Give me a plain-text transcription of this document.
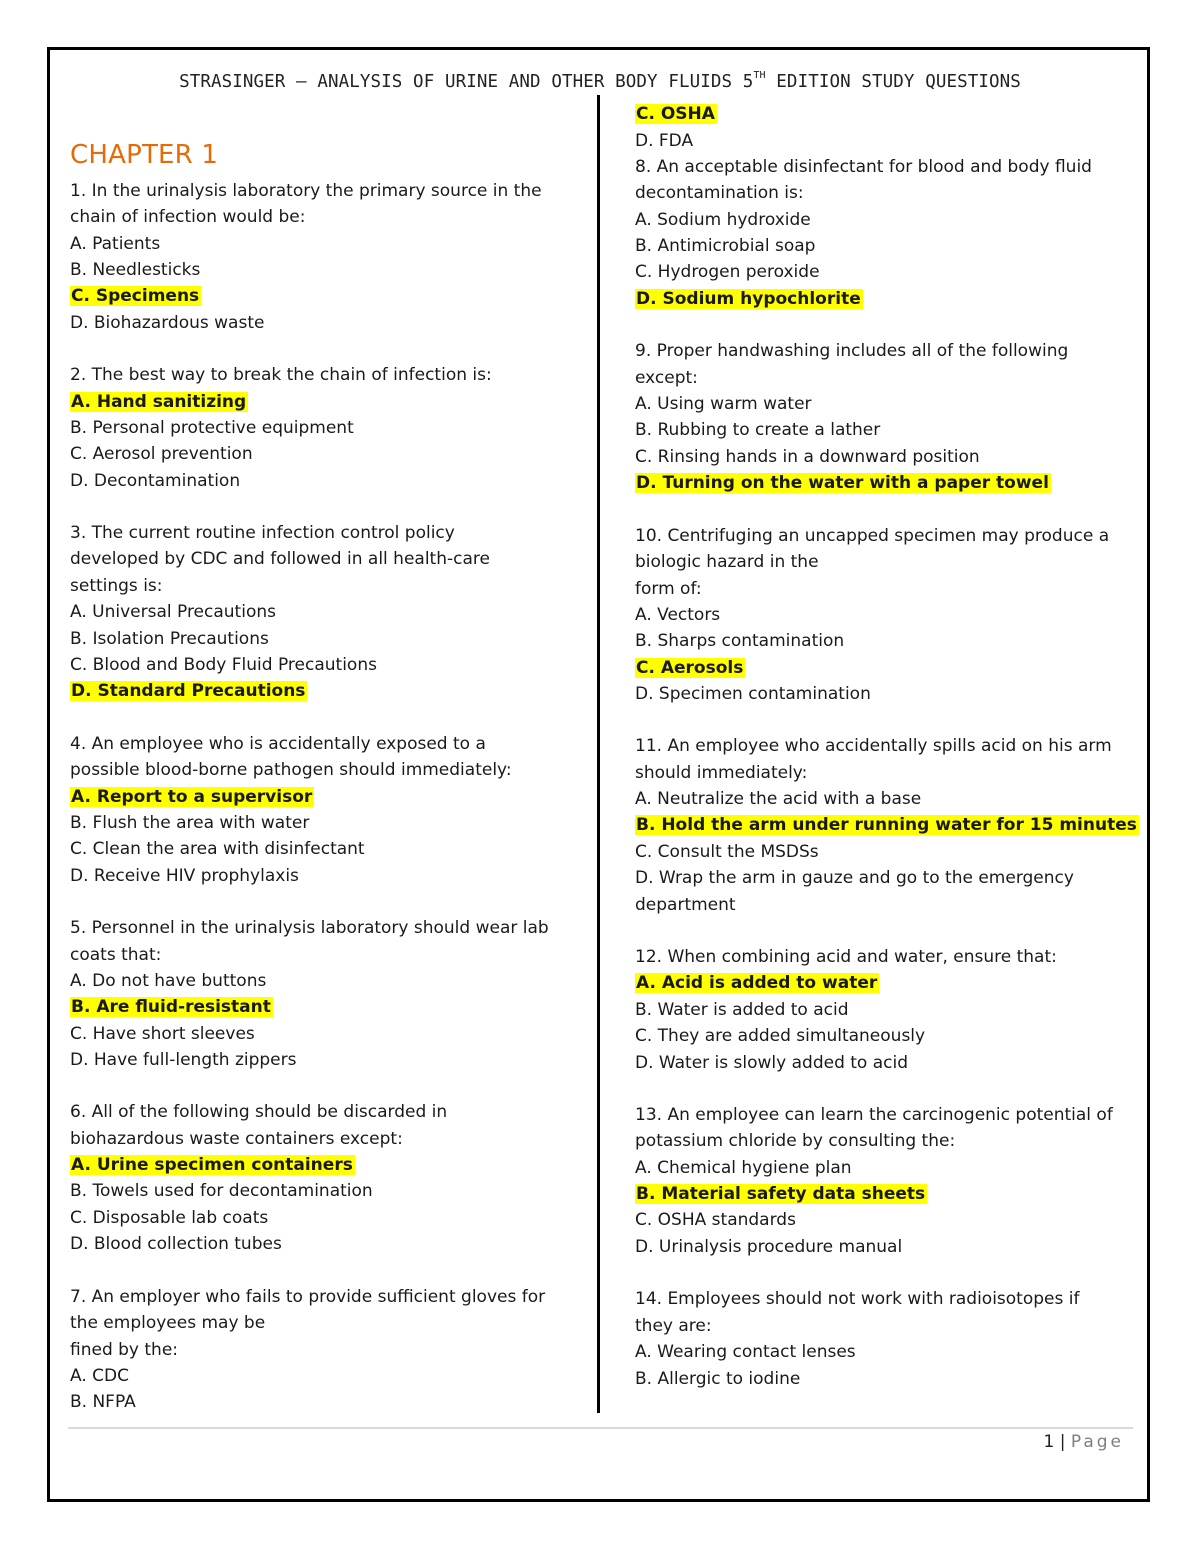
STRASINGER – ANALYSIS OF URINE AND OTHER BODY FLUIDS 5TH EDITION STUDY QUESTIONS
CHAPTER 1
1. In the urinalysis laboratory the primary source in the
chain of infection would be:
A. Patients
B. Needlesticks
C. Specimens
D. Biohazardous waste
2. The best way to break the chain of infection is:
A. Hand sanitizing
B. Personal protective equipment
C. Aerosol prevention
D. Decontamination
3. The current routine infection control policy
developed by CDC and followed in all health-care
settings is:
A. Universal Precautions
B. Isolation Precautions
C. Blood and Body Fluid Precautions
D. Standard Precautions
4. An employee who is accidentally exposed to a
possible blood-borne pathogen should immediately:
A. Report to a supervisor
B. Flush the area with water
C. Clean the area with disinfectant
D. Receive HIV prophylaxis
5. Personnel in the urinalysis laboratory should wear lab
coats that:
A. Do not have buttons
B. Are fluid-resistant
C. Have short sleeves
D. Have full-length zippers
6. All of the following should be discarded in
biohazardous waste containers except:
A. Urine specimen containers
B. Towels used for decontamination
C. Disposable lab coats
D. Blood collection tubes
7. An employer who fails to provide sufficient gloves for
the employees may be
fined by the:
A. CDC
B. NFPA
C. OSHA
D. FDA
8. An acceptable disinfectant for blood and body fluid
decontamination is:
A. Sodium hydroxide
B. Antimicrobial soap
C. Hydrogen peroxide
D. Sodium hypochlorite
9. Proper handwashing includes all of the following
except:
A. Using warm water
B. Rubbing to create a lather
C. Rinsing hands in a downward position
D. Turning on the water with a paper towel
10. Centrifuging an uncapped specimen may produce a
biologic hazard in the
form of:
A. Vectors
B. Sharps contamination
C. Aerosols
D. Specimen contamination
11. An employee who accidentally spills acid on his arm
should immediately:
A. Neutralize the acid with a base
B. Hold the arm under running water for 15 minutes
C. Consult the MSDSs
D. Wrap the arm in gauze and go to the emergency
department
12. When combining acid and water, ensure that:
A. Acid is added to water
B. Water is added to acid
C. They are added simultaneously
D. Water is slowly added to acid
13. An employee can learn the carcinogenic potential of
potassium chloride by consulting the:
A. Chemical hygiene plan
B. Material safety data sheets
C. OSHA standards
D. Urinalysis procedure manual
14. Employees should not work with radioisotopes if
they are:
A. Wearing contact lenses
B. Allergic to iodine
1 | Page
